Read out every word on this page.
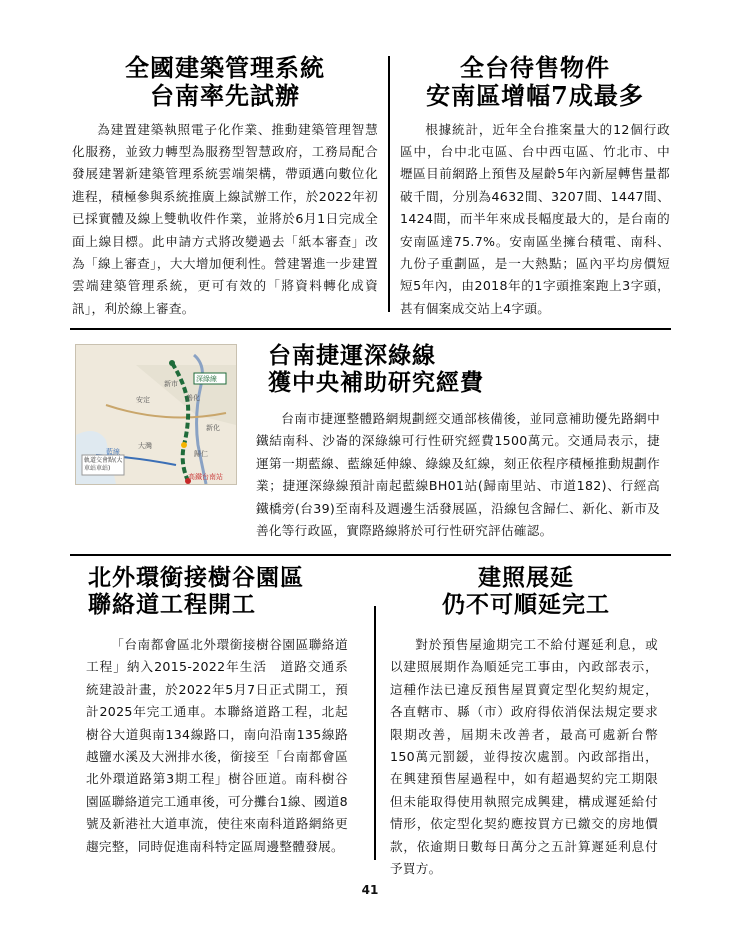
全國建築管理系統
台南率先試辦

為建置建築執照電子化作業、推動建築管理智慧化服務，並致力轉型為服務型智慧政府，工務局配合發展建署新建築管理系統雲端架構，帶頭邁向數位化進程，積極參與系統推廣上線試辦工作，於2022年初已採實體及線上雙軌收件作業，並將於6月1日完成全面上線目標。此申請方式將改變過去「紙本審查」改為「線上審查」，大大增加便利性。營建署進一步建置雲端建築管理系統，更可有效的「將資料轉化成資訊」，利於線上審查。

全台待售物件
安南區增幅7成最多

根據統計，近年全台推案量大的12個行政區中，台中北屯區、台中西屯區、竹北市、中壢區目前網路上預售及屋齡5年內新屋轉售量都破千間，分別為4632間、3207間、1447間、1424間，而半年來成長幅度最大的，是台南的安南區達75.7%。安南區坐擁台積電、南科、九份子重劃區，是一大熱點；區內平均房價短短5年內，由2018年的1字頭推案跑上3字頭，甚有個案成交站上4字頭。

深綠線
新市
善化
新化
安定
大灣
歸仁
藍線
軌道交會點(大車站車站)
高鐵台南站
台南捷運深綠線
獲中央補助研究經費

台南市捷運整體路網規劃經交通部核備後，並同意補助優先路網中鐵結南科、沙崙的深綠線可行性研究經費1500萬元。交通局表示，捷運第一期藍線、藍線延伸線、綠線及紅線，刻正依程序積極推動規劃作業；捷運深綠線預計南起藍線BH01站(歸南里站、市道182)、行經高鐵橋旁(台39)至南科及週邊生活發展區，沿線包含歸仁、新化、新市及善化等行政區，實際路線將於可行性研究評估確認。

北外環銜接樹谷園區
聯絡道工程開工

「台南都會區北外環銜接樹谷園區聯絡道工程」納入2015-2022年生活　道路交通系統建設計畫，於2022年5月7日正式開工，預計2025年完工通車。本聯絡道路工程，北起樹谷大道與南134線路口，南向沿南135線路越鹽水溪及大洲排水後，銜接至「台南都會區北外環道路第3期工程」樹谷匝道。南科樹谷園區聯絡道完工通車後，可分攤台1線、國道8號及新港社大道車流，使往來南科道路網絡更趨完整，同時促進南科特定區周邊整體發展。

建照展延
仍不可順延完工

對於預售屋逾期完工不給付遲延利息，或以建照展期作為順延完工事由，內政部表示，這種作法已違反預售屋買賣定型化契約規定，各直轄市、縣（市）政府得依消保法規定要求限期改善，屆期未改善者，最高可處新台幣150萬元罰鍰，並得按次處罰。內政部指出，在興建預售屋過程中，如有超過契約完工期限但未能取得使用執照完成興建，構成遲延給付情形，依定型化契約應按買方已繳交的房地價款，依逾期日數每日萬分之五計算遲延利息付予買方。

41
